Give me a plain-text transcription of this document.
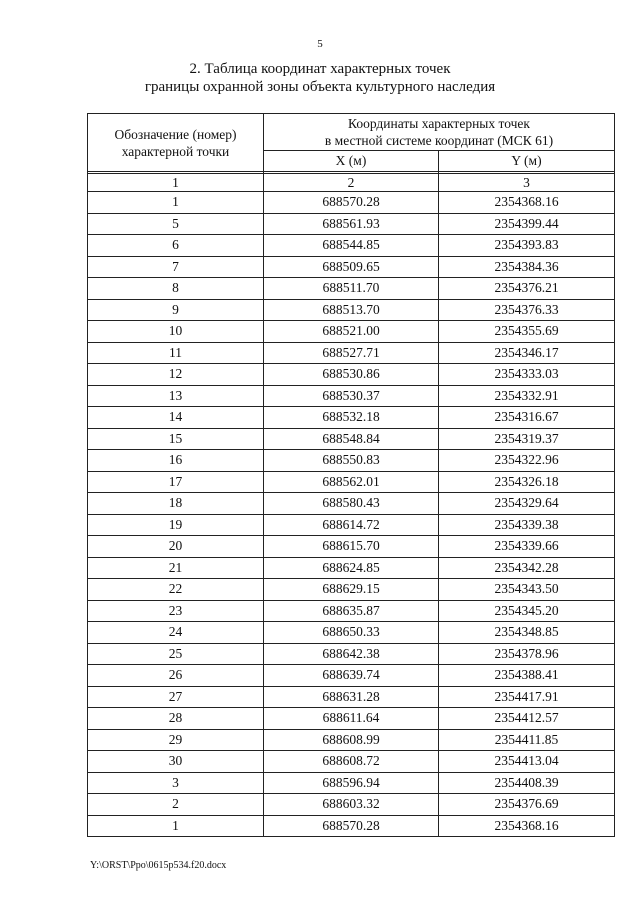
5
2. Таблица координат характерных точек
границы охранной зоны объекта культурного наследия
Обозначение (номер) характерной точки	Координаты характерных точек
в местной системе координат (МСК 61)	

	X (м)	Y (м)

1	2	3
1	688570.28	2354368.16
5	688561.93	2354399.44
6	688544.85	2354393.83
7	688509.65	2354384.36
8	688511.70	2354376.21
9	688513.70	2354376.33
10	688521.00	2354355.69
11	688527.71	2354346.17
12	688530.86	2354333.03
13	688530.37	2354332.91
14	688532.18	2354316.67
15	688548.84	2354319.37
16	688550.83	2354322.96
17	688562.01	2354326.18
18	688580.43	2354329.64
19	688614.72	2354339.38
20	688615.70	2354339.66
21	688624.85	2354342.28
22	688629.15	2354343.50
23	688635.87	2354345.20
24	688650.33	2354348.85
25	688642.38	2354378.96
26	688639.74	2354388.41
27	688631.28	2354417.91
28	688611.64	2354412.57
29	688608.99	2354411.85
30	688608.72	2354413.04
3	688596.94	2354408.39
2	688603.32	2354376.69
1	688570.28	2354368.16
Y:\ORST\Ppo\0615p534.f20.docx
